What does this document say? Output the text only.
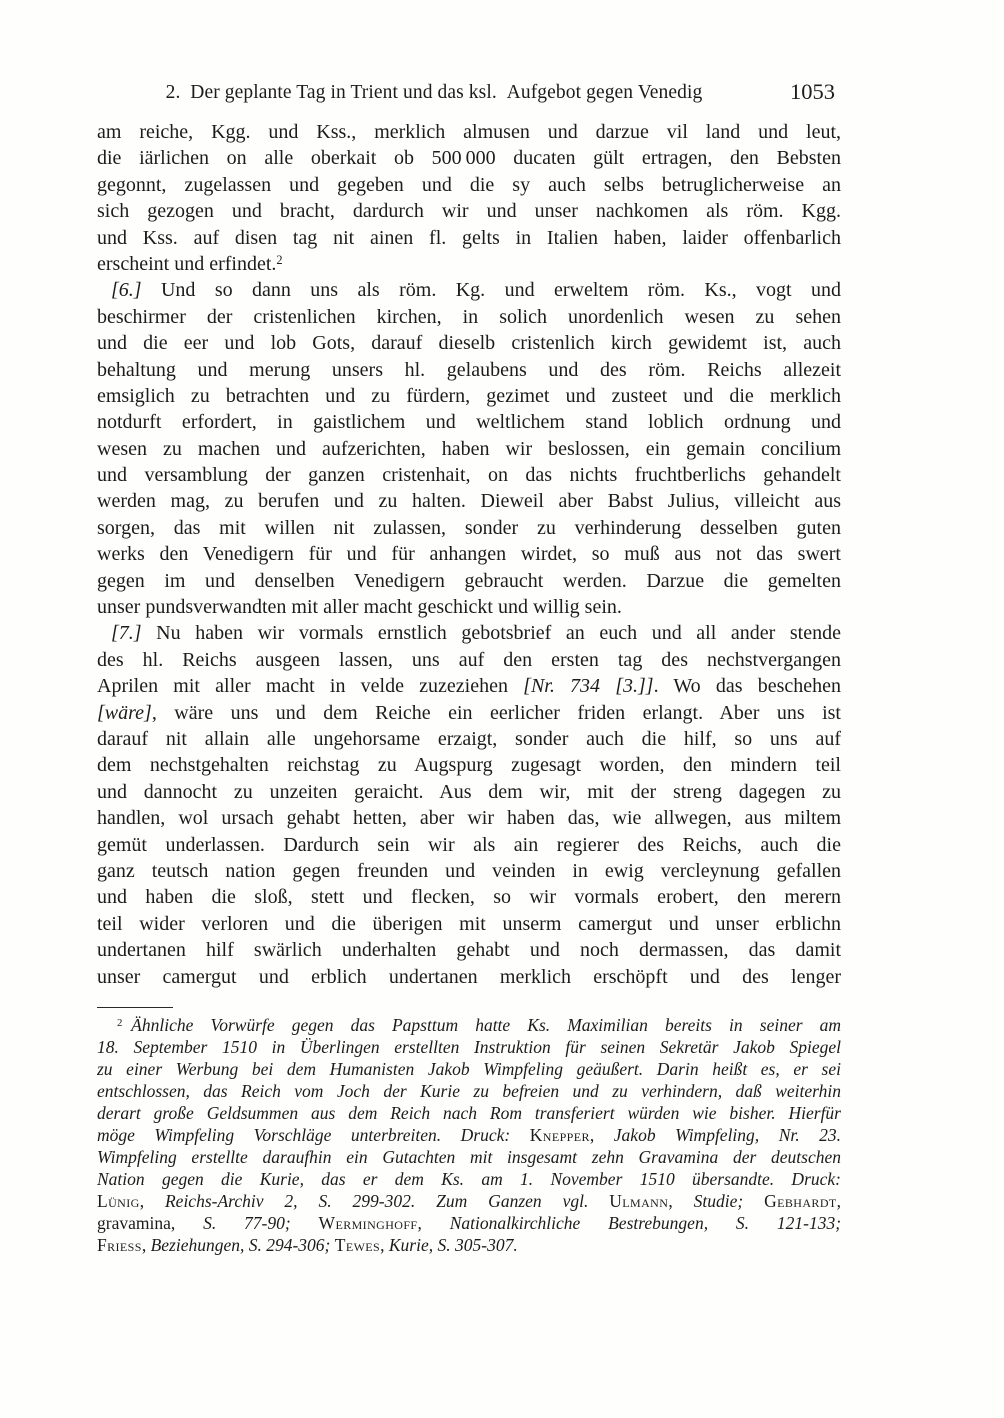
2. Der geplante Tag in Trient und das ksl. Aufgebot gegen Venedig	1053
am reiche, Kgg. und Kss., merklich almusen und darzue vil land und leut,
die iärlichen on alle oberkait ob 500 000 ducaten gült ertragen, den Bebsten
gegonnt, zugelassen und gegeben und die sy auch selbs betruglicherweise an
sich gezogen und bracht, dardurch wir und unser nachkomen als röm. Kgg.
und Kss. auf disen tag nit ainen fl. gelts in Italien haben, laider offenbarlich
erscheint und erfindet.$^2$
[6.] Und so dann uns als röm. Kg. und erweltem röm. Ks., vogt und
beschirmer der cristenlichen kirchen, in solich unordenlich wesen zu sehen
und die eer und lob Gots, darauf dieselb cristenlich kirch gewidemt ist, auch
behaltung und merung unsers hl. gelaubens und des röm. Reichs allezeit
emsiglich zu betrachten und zu fürdern, gezimet und zusteet und die merklich
notdurft erfordert, in gaistlichem und weltlichem stand loblich ordnung und
wesen zu machen und aufzerichten, haben wir beslossen, ein gemain concilium
und versamblung der ganzen cristenhait, on das nichts fruchtberlichs gehandelt
werden mag, zu berufen und zu halten. Dieweil aber Babst Julius, villeicht aus
sorgen, das mit willen nit zulassen, sonder zu verhinderung desselben guten
werks den Venedigern für und für anhangen wirdet, so muß aus not das swert
gegen im und denselben Venedigern gebraucht werden. Darzue die gemelten
unser pundsverwandten mit aller macht geschickt und willig sein.
[7.] Nu haben wir vormals ernstlich gebotsbrief an euch und all ander stende
des hl. Reichs ausgeen lassen, uns auf den ersten tag des nechstvergangen
Aprilen mit aller macht in velde zuzeziehen [Nr. 734 [3.]]. Wo das beschehen
[wäre], wäre uns und dem Reiche ein eerlicher friden erlangt. Aber uns ist
darauf nit allain alle ungehorsame erzaigt, sonder auch die hilf, so uns auf
dem nechstgehalten reichstag zu Augspurg zugesagt worden, den mindern teil
und dannocht zu unzeiten geraicht. Aus dem wir, mit der streng dagegen zu
handlen, wol ursach gehabt hetten, aber wir haben das, wie allwegen, aus miltem
gemüt underlassen. Dardurch sein wir als ain regierer des Reichs, auch die
ganz teutsch nation gegen freunden und veinden in ewig vercleynung gefallen
und haben die sloß, stett und flecken, so wir vormals erobert, den merern
teil wider verloren und die überigen mit unserm camergut und unser erblichn
undertanen hilf swärlich underhalten gehabt und noch dermassen, das damit
unser camergut und erblich undertanen merklich erschöpft und des lenger
$^2$ Ähnliche Vorwürfe gegen das Papsttum hatte Ks. Maximilian bereits in seiner am
18. September 1510 in Überlingen erstellten Instruktion für seinen Sekretär Jakob Spiegel
zu einer Werbung bei dem Humanisten Jakob Wimpfeling geäußert. Darin heißt es, er sei
entschlossen, das Reich vom Joch der Kurie zu befreien und zu verhindern, daß weiterhin
derart große Geldsummen aus dem Reich nach Rom transferiert würden wie bisher. Hierfür
möge Wimpfeling Vorschläge unterbreiten. Druck: Knepper, Jakob Wimpfeling, Nr. 23.
Wimpfeling erstellte daraufhin ein Gutachten mit insgesamt zehn Gravamina der deutschen
Nation gegen die Kurie, das er dem Ks. am 1. November 1510 übersandte. Druck:
Lünig, Reichs-Archiv 2, S. 299-302. Zum Ganzen vgl. Ulmann, Studie; Gebhardt,
gravamina, S. 77-90; Werminghoff, Nationalkirchliche Bestrebungen, S. 121-133;
Friess, Beziehungen, S. 294-306; Tewes, Kurie, S. 305-307.
